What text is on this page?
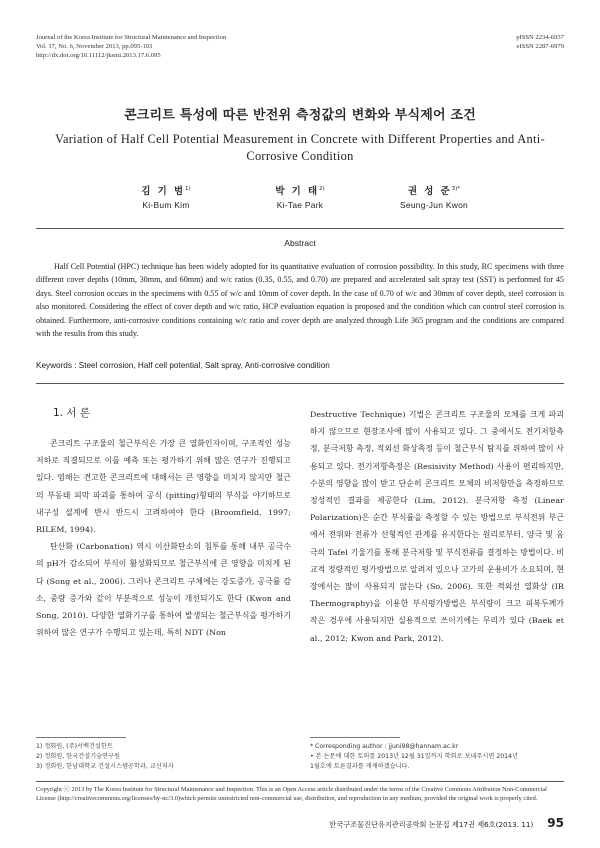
Journal of the Korea Institute for Structural Maintenance and Inspection
Vol. 17, No. 6, November 2013, pp.095-103
http://dx.doi.org/10.11112/jksmi.2013.17.6.095
pISSN 2234-6937
eISSN 2287-6979
콘크리트 특성에 따른 반전위 측정값의 변화와 부식제어 조건
Variation of Half Cell Potential Measurement in Concrete with Different Properties and Anti-Corrosive Condition
김 기 범$^{1)}$
Ki-Bum Kim
박 기 태$^{2)}$
Ki-Tae Park
권 성 준$^{3)*}$
Seung-Jun Kwon
Abstract
Half Cell Potential (HPC) technique has been widely adopted for its quantitative evaluation of corrosion possibility. In this study, RC specimens with three different cover depths (10mm, 30mm, and 60mm) and w/c ratios (0.35, 0.55, and 0.70) are prepared and accelerated salt spray test (SST) is performed for 45 days. Steel corrosion occurs in the specimens with 0.55 of w/c and 10mm of cover depth. In the case of 0.70 of w/c and 30mm of cover depth, steel corrosion is also monitored. Considering the effect of cover depth and w/c ratio, HCP evaluation equation is proposed and the condition which can control steel corrosion is obtained. Furthermore, anti-corrosive conditions containing w/c ratio and cover depth are analyzed through Life 365 program and the conditions are compared with the results from this study.
Keywords : Steel corrosion, Half cell potential, Salt spray, Anti-corrosive condition
1. 서 론

콘크리트 구조물의 철근부식은 가장 큰 열화인자이며, 구조적인 성능저하로 직결되므로 이를 예측 또는 평가하기 위해 많은 연구가 진행되고 있다. 염해는 견고한 콘크리트에 대해서는 큰 영향을 미치지 않지만 철근의 부동태 피막 파괴를 통하여 공식 (pitting)형태의 부식을 야기하므로 내구성 설계에 반시 반드시 고려하여야 한다 (Broomfield, 1997; RILEM, 1994).

탄산화 (Carbonation) 역시 이산화탄소의 침투를 통해 내부 공극수의 pH가 감소되어 부식이 활성화되므로 철근부식에 큰 영향을 미치게 된다 (Song et al., 2006). 그러나 콘크리트 구체에는 강도증가, 공극률 감소, 중량 증가와 같이 부분적으로 성능이 개선되기도 한다 (Kwon and Song, 2010). 다양한 열화기구를 통하여 발생되는 철근부식을 평가하기 위하여 많은 연구가 수행되고 있는데, 특히 NDT (Non

Destructive Technique) 기법은 콘크리트 구조물의 모체를 크게 파괴하지 않으므로 현장조사에 많이 사용되고 있다. 그 중에서도 전기저항측정, 분극저항 측정, 적외선 화상측정 등이 철근부식 탐지를 위하여 많이 사용되고 있다. 전기저항측정은 (Resisivity Method) 사용이 편리하지만, 수분의 영향을 많이 받고 단순히 콘크리트 모체의 비저항만을 측정하므로 정성적인 결과를 제공한다 (Lim, 2012). 분극저항 측정 (Linear Polarization)은 순간 부식률을 측정할 수 있는 방법으로 부식전위 부근에서 전위와 전류가 선형적인 관계를 유지한다는 원리로부터, 양극 및 음극의 Tafel 기울기를 통해 분극저항 및 부식전류를 결정하는 방법이다. 비교적 정량적인 평가방법으로 알려져 있으나 고가의 운용비가 소요되며, 현장에서는 많이 사용되지 않는다 (So, 2006). 또한 적외선 열화상 (IR Thermography)을 이용한 부식평가방법은 부식량이 크고 피복두께가 작은 경우에 사용되지만 실용적으로 쓰이기에는 무리가 있다 (Baek et al., 2012; Kwon and Park, 2012).

1) 정회원, (주)서백건설한트
2) 정회원, 한국건설기술연구원
3) 정회원, 한남대학교 건설시스템공학과, 교신저자
* Corresponding author : jjuni98@hannam.ac.kr
• 본 논문에 대한 토의를 2013년 12월 31일까지 학회로 보내주시면 2014년
1월호에 토론결과를 게재하겠습니다.
Copyright ⓒ 2013 by The Korea Institute for Structural Maintenance and Inspection. This is an Open Access article distributed under the terms of the Creative Commons Attribution Non-Commercial License (http://creativecommons.org/licenses/by-nc/3.0)which permits unrestricted non-commercial use, distribution, and reproduction in any medium, provided the original work is properly cited.
한국구조물진단유지관리공학회 논문집 제17권 제6호(2013. 11) 95
